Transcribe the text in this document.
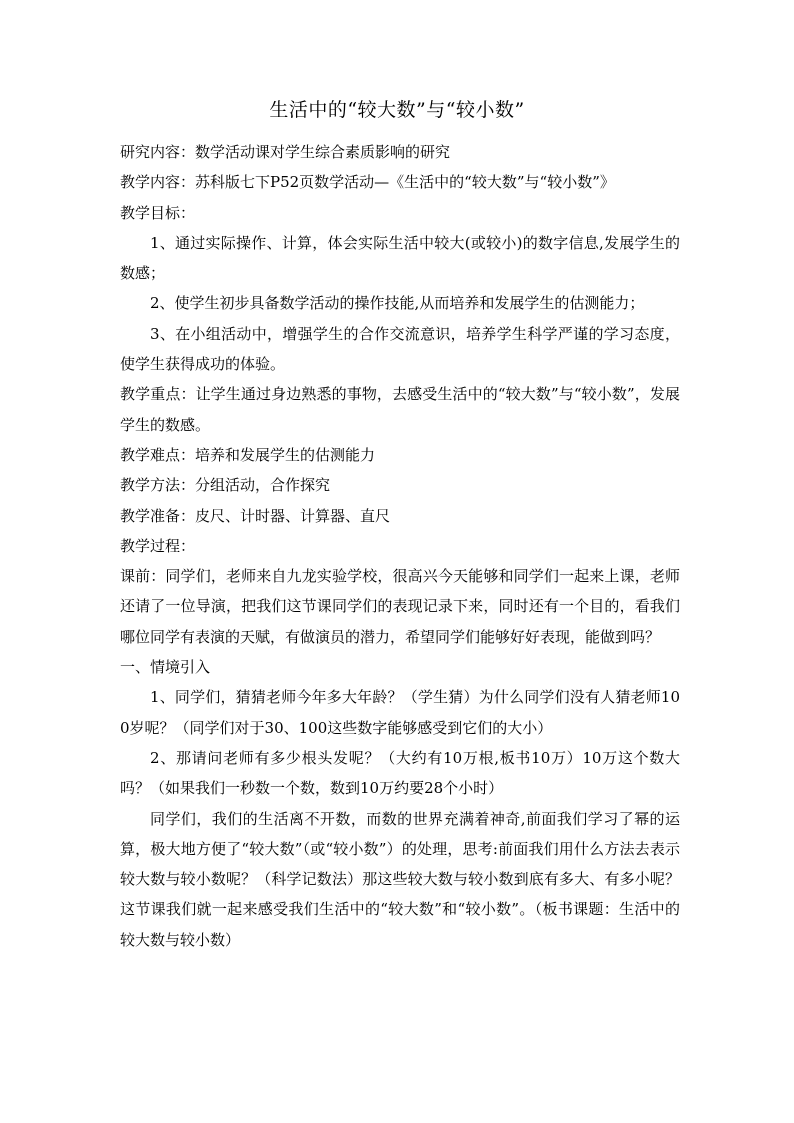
生活中的“较大数”与“较小数”

研究内容：数学活动课对学生综合素质影响的研究

教学内容：苏科版七下P52页数学活动—《生活中的“较大数”与“较小数”》

教学目标：

1、通过实际操作、计算，体会实际生活中较大(或较小)的数字信息,发展学生的数感；

2、使学生初步具备数学活动的操作技能,从而培养和发展学生的估测能力；

3、在小组活动中，增强学生的合作交流意识，培养学生科学严谨的学习态度，使学生获得成功的体验。

教学重点：让学生通过身边熟悉的事物，去感受生活中的“较大数”与“较小数”，发展学生的数感。

教学难点：培养和发展学生的估测能力

教学方法：分组活动，合作探究

教学准备：皮尺、计时器、计算器、直尺

教学过程：

课前：同学们，老师来自九龙实验学校，很高兴今天能够和同学们一起来上课，老师还请了一位导演，把我们这节课同学们的表现记录下来，同时还有一个目的，看我们哪位同学有表演的天赋，有做演员的潜力，希望同学们能够好好表现，能做到吗？

一、情境引入

1、同学们，猜猜老师今年多大年龄？（学生猜）为什么同学们没有人猜老师100岁呢？（同学们对于30、100这些数字能够感受到它们的大小）

2、那请问老师有多少根头发呢？（大约有10万根,板书10万）10万这个数大吗？（如果我们一秒数一个数，数到10万约要28个小时）

同学们，我们的生活离不开数，而数的世界充满着神奇,前面我们学习了幂的运算，极大地方便了“较大数”（或“较小数”）的处理，思考:前面我们用什么方法去表示较大数与较小数呢？（科学记数法）那这些较大数与较小数到底有多大、有多小呢？这节课我们就一起来感受我们生活中的“较大数”和“较小数”。（板书课题：生活中的较大数与较小数）
